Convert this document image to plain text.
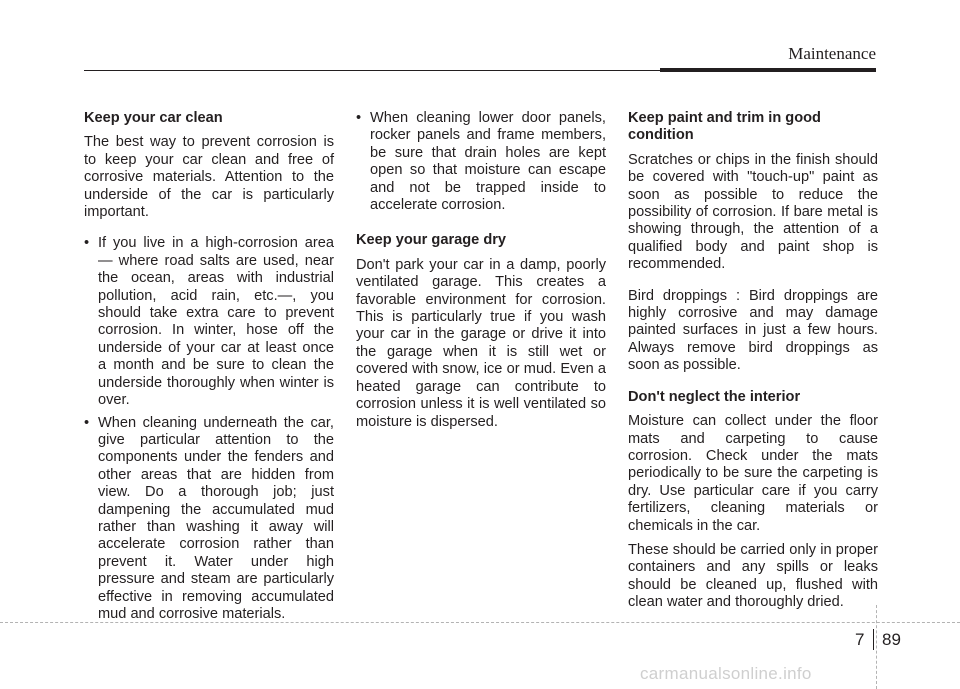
Maintenance
Keep your car clean

The best way to prevent corrosion is to keep your car clean and free of corrosive materials. Attention to the underside of the car is particularly important.

• If you live in a high-corrosion area — where road salts are used, near the ocean, areas with industrial pollution, acid rain, etc.—, you should take extra care to prevent corrosion. In winter, hose off the underside of your car at least once a month and be sure to clean the underside thoroughly when winter is over.
• When cleaning underneath the car, give particular attention to the components under the fenders and other areas that are hidden from view. Do a thorough job; just dampening the accumulated mud rather than washing it away will accelerate corrosion rather than prevent it. Water under high pressure and steam are particularly effective in removing accumulated mud and corrosive materials.
• When cleaning lower door panels, rocker panels and frame members, be sure that drain holes are kept open so that moisture can escape and not be trapped inside to accelerate corrosion.
Keep your garage dry

Don't park your car in a damp, poorly ventilated garage. This creates a favorable environment for corrosion. This is particularly true if you wash your car in the garage or drive it into the garage when it is still wet or covered with snow, ice or mud. Even a heated garage can contribute to corrosion unless it is well ventilated so moisture is dispersed.

Keep paint and trim in good condition

Scratches or chips in the finish should be covered with "touch-up" paint as soon as possible to reduce the possibility of corrosion. If bare metal is showing through, the attention of a qualified body and paint shop is recommended.

Bird droppings : Bird droppings are highly corrosive and may damage painted surfaces in just a few hours. Always remove bird droppings as soon as possible.

Don't neglect the interior

Moisture can collect under the floor mats and carpeting to cause corrosion. Check under the mats periodically to be sure the carpeting is dry. Use particular care if you carry fertilizers, cleaning materials or chemicals in the car.

These should be carried only in proper containers and any spills or leaks should be cleaned up, flushed with clean water and thoroughly dried.

7 89
carmanualsonline.info
